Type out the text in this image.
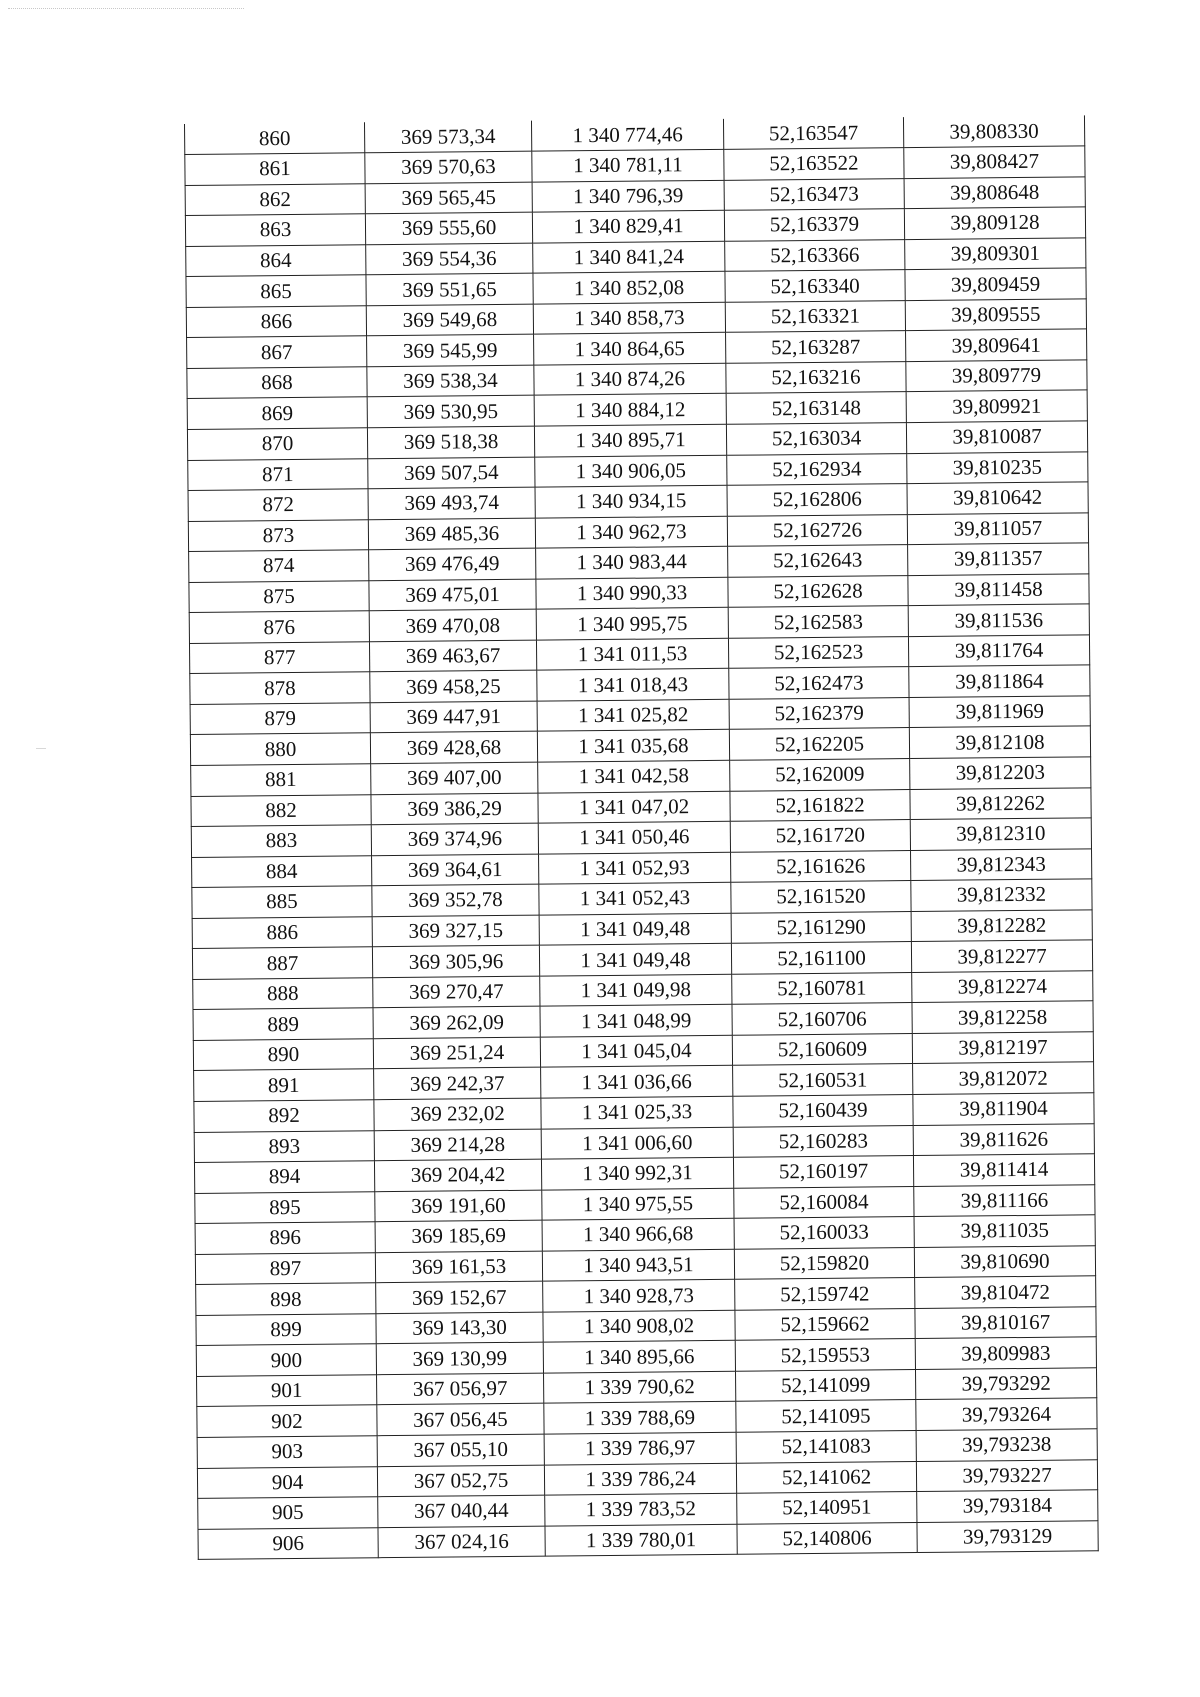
860	369 573,34	1 340 774,46	52,163547	39,808330
861	369 570,63	1 340 781,11	52,163522	39,808427
862	369 565,45	1 340 796,39	52,163473	39,808648
863	369 555,60	1 340 829,41	52,163379	39,809128
864	369 554,36	1 340 841,24	52,163366	39,809301
865	369 551,65	1 340 852,08	52,163340	39,809459
866	369 549,68	1 340 858,73	52,163321	39,809555
867	369 545,99	1 340 864,65	52,163287	39,809641
868	369 538,34	1 340 874,26	52,163216	39,809779
869	369 530,95	1 340 884,12	52,163148	39,809921
870	369 518,38	1 340 895,71	52,163034	39,810087
871	369 507,54	1 340 906,05	52,162934	39,810235
872	369 493,74	1 340 934,15	52,162806	39,810642
873	369 485,36	1 340 962,73	52,162726	39,811057
874	369 476,49	1 340 983,44	52,162643	39,811357
875	369 475,01	1 340 990,33	52,162628	39,811458
876	369 470,08	1 340 995,75	52,162583	39,811536
877	369 463,67	1 341 011,53	52,162523	39,811764
878	369 458,25	1 341 018,43	52,162473	39,811864
879	369 447,91	1 341 025,82	52,162379	39,811969
880	369 428,68	1 341 035,68	52,162205	39,812108
881	369 407,00	1 341 042,58	52,162009	39,812203
882	369 386,29	1 341 047,02	52,161822	39,812262
883	369 374,96	1 341 050,46	52,161720	39,812310
884	369 364,61	1 341 052,93	52,161626	39,812343
885	369 352,78	1 341 052,43	52,161520	39,812332
886	369 327,15	1 341 049,48	52,161290	39,812282
887	369 305,96	1 341 049,48	52,161100	39,812277
888	369 270,47	1 341 049,98	52,160781	39,812274
889	369 262,09	1 341 048,99	52,160706	39,812258
890	369 251,24	1 341 045,04	52,160609	39,812197
891	369 242,37	1 341 036,66	52,160531	39,812072
892	369 232,02	1 341 025,33	52,160439	39,811904
893	369 214,28	1 341 006,60	52,160283	39,811626
894	369 204,42	1 340 992,31	52,160197	39,811414
895	369 191,60	1 340 975,55	52,160084	39,811166
896	369 185,69	1 340 966,68	52,160033	39,811035
897	369 161,53	1 340 943,51	52,159820	39,810690
898	369 152,67	1 340 928,73	52,159742	39,810472
899	369 143,30	1 340 908,02	52,159662	39,810167
900	369 130,99	1 340 895,66	52,159553	39,809983
901	367 056,97	1 339 790,62	52,141099	39,793292
902	367 056,45	1 339 788,69	52,141095	39,793264
903	367 055,10	1 339 786,97	52,141083	39,793238
904	367 052,75	1 339 786,24	52,141062	39,793227
905	367 040,44	1 339 783,52	52,140951	39,793184
906	367 024,16	1 339 780,01	52,140806	39,793129
